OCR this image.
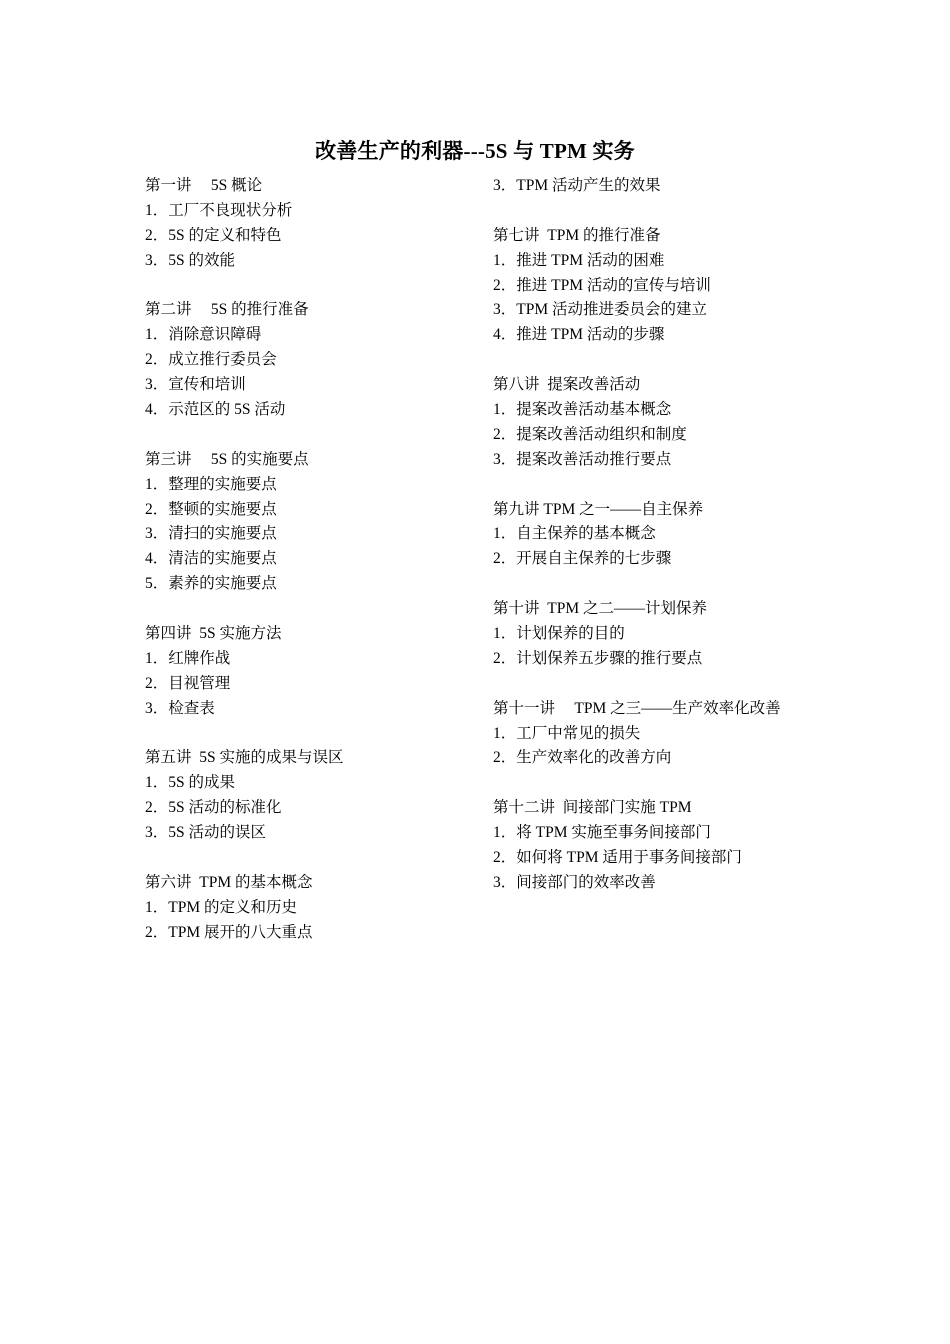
改善生产的利器---5S 与 TPM 实务
第一讲　 5S 概论
1．工厂不良现状分析
2．5S 的定义和特色
3．5S 的效能
第二讲　 5S 的推行准备
1．消除意识障碍
2．成立推行委员会
3．宣传和培训
4．示范区的 5S 活动
第三讲　 5S 的实施要点
1．整理的实施要点
2．整顿的实施要点
3．清扫的实施要点
4．清洁的实施要点
5．素养的实施要点
第四讲  5S 实施方法
1．红牌作战
2．目视管理
3．检查表
第五讲  5S 实施的成果与误区
1．5S 的成果
2．5S 活动的标准化
3．5S 活动的误区
第六讲  TPM 的基本概念
1．TPM 的定义和历史
2．TPM 展开的八大重点
3．TPM 活动产生的效果
第七讲  TPM 的推行准备
1．推进 TPM 活动的困难
2．推进 TPM 活动的宣传与培训
3．TPM 活动推进委员会的建立
4．推进 TPM 活动的步骤
第八讲  提案改善活动
1．提案改善活动基本概念
2．提案改善活动组织和制度
3．提案改善活动推行要点
第九讲 TPM 之一——自主保养
1．自主保养的基本概念
2．开展自主保养的七步骤
第十讲  TPM 之二——计划保养
1．计划保养的目的
2．计划保养五步骤的推行要点
第十一讲　 TPM 之三——生产效率化改善
1．工厂中常见的损失
2．生产效率化的改善方向
第十二讲  间接部门实施 TPM
1．将 TPM 实施至事务间接部门
2．如何将 TPM 适用于事务间接部门
3．间接部门的效率改善
